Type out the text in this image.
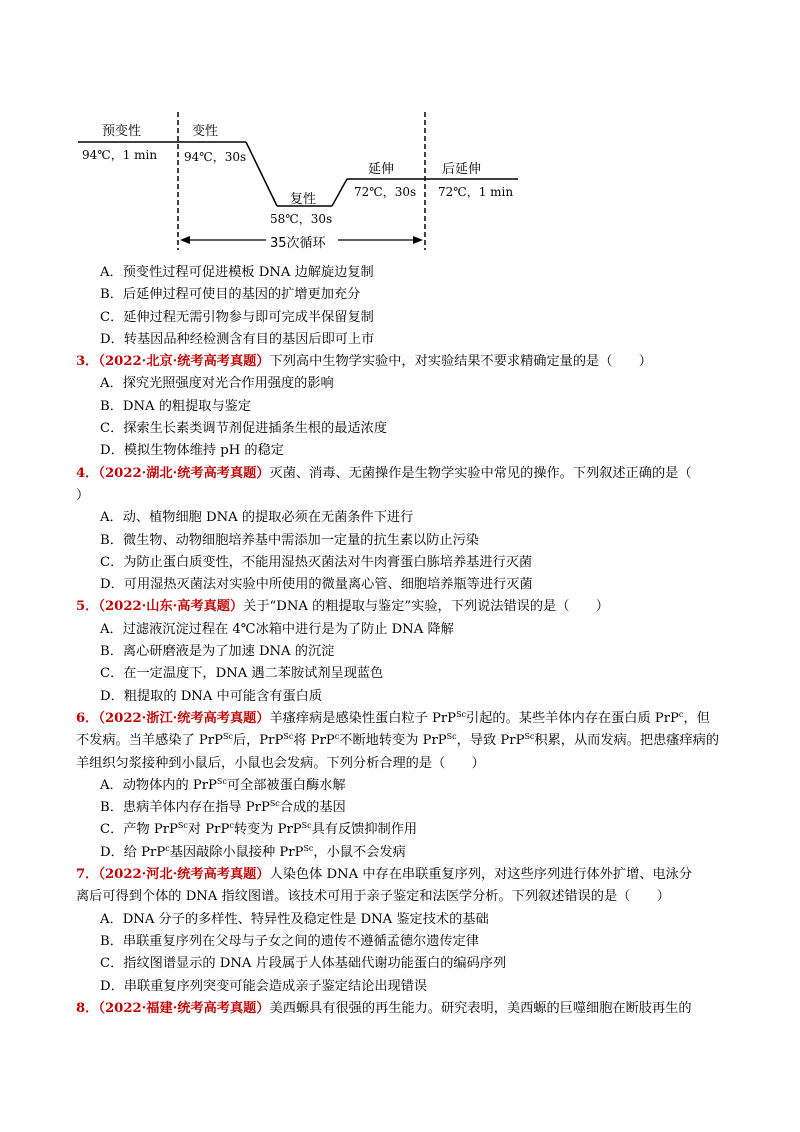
预变性
94℃，1 min
变性
94℃，30s
复性
58℃，30s
延伸
72℃，30s
后延伸
72℃，1 min
35次循环
A．预变性过程可促进模板 DNA 边解旋边复制
B．后延伸过程可使目的基因的扩增更加充分
C．延伸过程无需引物参与即可完成半保留复制
D．转基因品种经检测含有目的基因后即可上市
3．（2022·北京·统考高考真题）下列高中生物学实验中，对实验结果不要求精确定量的是（　　）
A．探究光照强度对光合作用强度的影响
B．DNA 的粗提取与鉴定
C．探索生长素类调节剂促进插条生根的最适浓度
D．模拟生物体维持 pH 的稳定
4．（2022·湖北·统考高考真题）灭菌、消毒、无菌操作是生物学实验中常见的操作。下列叙述正确的是（
）
A．动、植物细胞 DNA 的提取必须在无菌条件下进行
B．微生物、动物细胞培养基中需添加一定量的抗生素以防止污染
C．为防止蛋白质变性，不能用湿热灭菌法对牛肉膏蛋白胨培养基进行灭菌
D．可用湿热灭菌法对实验中所使用的微量离心管、细胞培养瓶等进行灭菌
5．（2022·山东·高考真题）关于“DNA 的粗提取与鉴定”实验，下列说法错误的是（　　）
A．过滤液沉淀过程在 4℃冰箱中进行是为了防止 DNA 降解
B．离心研磨液是为了加速 DNA 的沉淀
C．在一定温度下，DNA 遇二苯胺试剂呈现蓝色
D．粗提取的 DNA 中可能含有蛋白质
6．（2022·浙江·统考高考真题）羊瘙痒病是感染性蛋白粒子 PrP$^{Sc}$引起的。某些羊体内存在蛋白质 PrP$^c$，但
不发病。当羊感染了 PrP$^{Sc}$后，PrP$^{Sc}$将 PrP$^c$不断地转变为 PrP$^{Sc}$，导致 PrP$^{Sc}$积累，从而发病。把患瘙痒病的
羊组织匀浆接种到小鼠后，小鼠也会发病。下列分析合理的是（　　）
A．动物体内的 PrP$^{Sc}$可全部被蛋白酶水解
B．患病羊体内存在指导 PrP$^{Sc}$合成的基因
C．产物 PrP$^{Sc}$对 PrP$^c$转变为 PrP$^{Sc}$具有反馈抑制作用
D．给 PrP$^c$基因敲除小鼠接种 PrP$^{Sc}$，小鼠不会发病
7．（2022·河北·统考高考真题）人染色体 DNA 中存在串联重复序列，对这些序列进行体外扩增、电泳分
离后可得到个体的 DNA 指纹图谱。该技术可用于亲子鉴定和法医学分析。下列叙述错误的是（　　）
A．DNA 分子的多样性、特异性及稳定性是 DNA 鉴定技术的基础
B．串联重复序列在父母与子女之间的遗传不遵循孟德尔遗传定律
C．指纹图谱显示的 DNA 片段属于人体基础代谢功能蛋白的编码序列
D．串联重复序列突变可能会造成亲子鉴定结论出现错误
8．（2022·福建·统考高考真题）美西螈具有很强的再生能力。研究表明，美西螈的巨噬细胞在断肢再生的
